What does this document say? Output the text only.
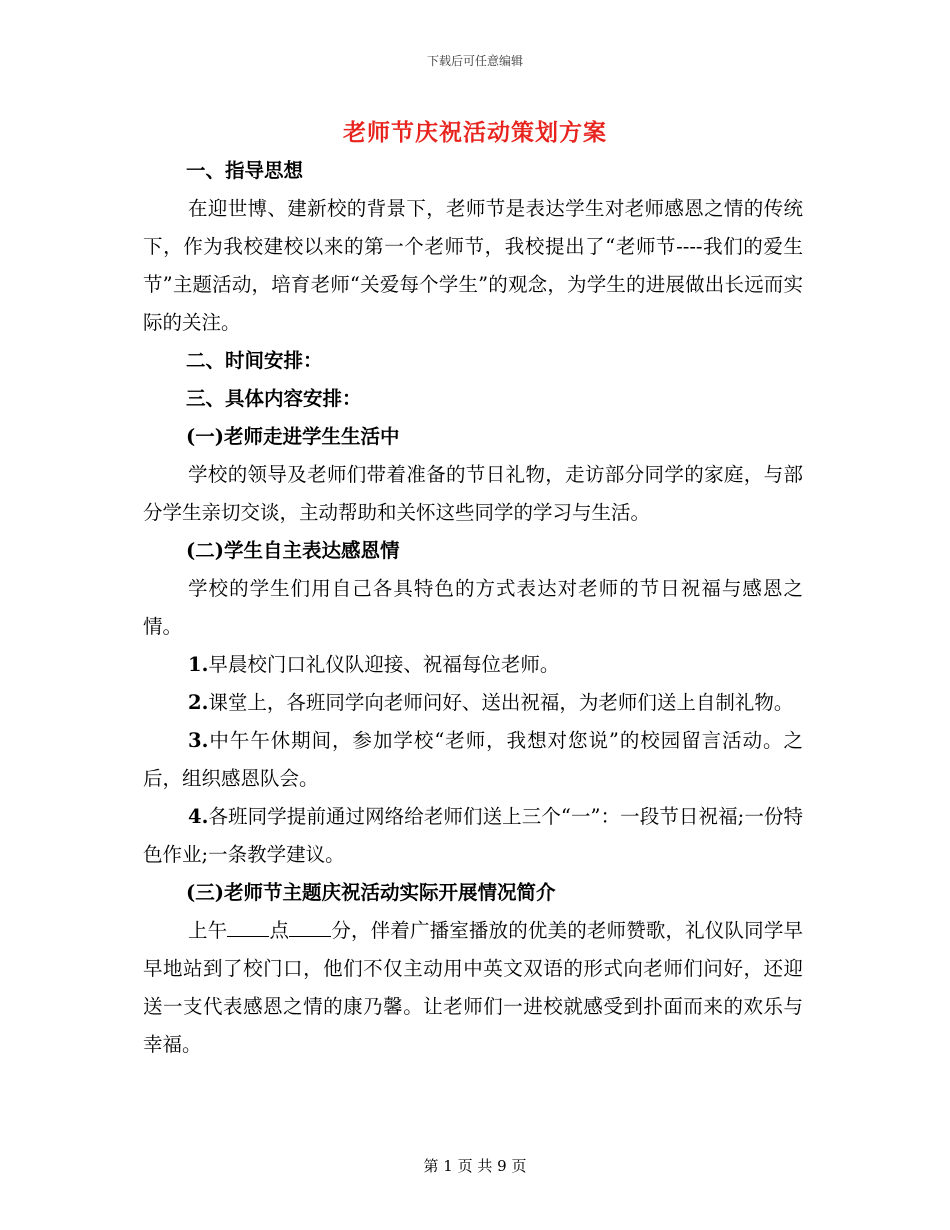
下载后可任意编辑
老师节庆祝活动策划方案

一、指导思想

在迎世博、建新校的背景下，老师节是表达学生对老师感恩之情的传统下，作为我校建校以来的第一个老师节，我校提出了“老师节----我们的爱生节”主题活动，培育老师“关爱每个学生”的观念，为学生的进展做出长远而实际的关注。

二、时间安排：

三、具体内容安排：

(一)老师走进学生生活中

学校的领导及老师们带着准备的节日礼物，走访部分同学的家庭，与部分学生亲切交谈，主动帮助和关怀这些同学的学习与生活。

(二)学生自主表达感恩情

学校的学生们用自己各具特色的方式表达对老师的节日祝福与感恩之情。

1.早晨校门口礼仪队迎接、祝福每位老师。

2.课堂上，各班同学向老师问好、送出祝福，为老师们送上自制礼物。

3.中午午休期间，参加学校“老师，我想对您说”的校园留言活动。之后，组织感恩队会。

4.各班同学提前通过网络给老师们送上三个“一”：一段节日祝福;一份特色作业;一条教学建议。

(三)老师节主题庆祝活动实际开展情况简介

上午 点 分，伴着广播室播放的优美的老师赞歌，礼仪队同学早早地站到了校门口，他们不仅主动用中英文双语的形式向老师们问好，还迎送一支代表感恩之情的康乃馨。让老师们一进校就感受到扑面而来的欢乐与幸福。

第 1 页 共 9 页
